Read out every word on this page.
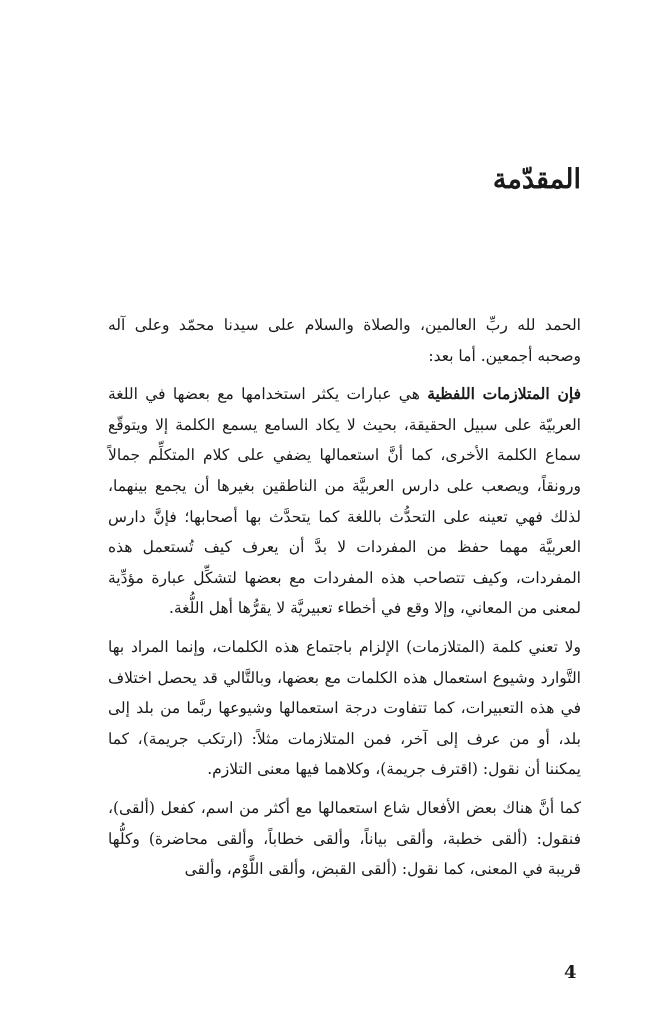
المقدّمة

الحمد لله ربِّ العالمين، والصلاة والسلام على سيدنا محمّد وعلى آله وصحبه أجمعين. أما بعد:

فإن المتلازمات اللفظية هي عبارات يكثر استخدامها مع بعضها في اللغة العربيّة على سبيل الحقيقة، بحيث لا يكاد السامع يسمع الكلمة إلا ويتوقّع سماع الكلمة الأخرى، كما أنَّ استعمالها يضفي على كلام المتكلِّم جمالاً ورونقاً، ويصعب على دارس العربيَّة من الناطقين بغيرها أن يجمع بينهما، لذلك فهي تعينه على التحدُّث باللغة كما يتحدَّث بها أصحابها؛ فإنَّ دارس العربيَّة مهما حفظ من المفردات لا بدَّ أن يعرف كيف تُستعمل هذه المفردات، وكيف تتصاحب هذه المفردات مع بعضها لتشكِّل عبارة مؤدِّية لمعنى من المعاني، وإلا وقع في أخطاء تعبيريَّة لا يقرُّها أهل اللُّغة.

ولا تعني كلمة (المتلازمات) الإلزام باجتماع هذه الكلمات، وإنما المراد بها التَّوارد وشيوع استعمال هذه الكلمات مع بعضها، وبالتَّالي قد يحصل اختلاف في هذه التعبيرات، كما تتفاوت درجة استعمالها وشيوعها ربَّما من بلد إلى بلد، أو من عرف إلى آخر، فمن المتلازمات مثلاً: (ارتكب جريمة)، كما يمكننا أن نقول: (اقترف جريمة)، وكلاهما فيها معنى التلازم.

كما أنَّ هناك بعض الأفعال شاع استعمالها مع أكثر من اسم، كفعل (ألقى)، فنقول: (ألقى خطبة، وألقى بياناً، وألقى خطاباً، وألقى محاضرة) وكلُّها قريبة في المعنى، كما نقول: (ألقى القبض، وألقى اللَّوْم، وألقى

4
